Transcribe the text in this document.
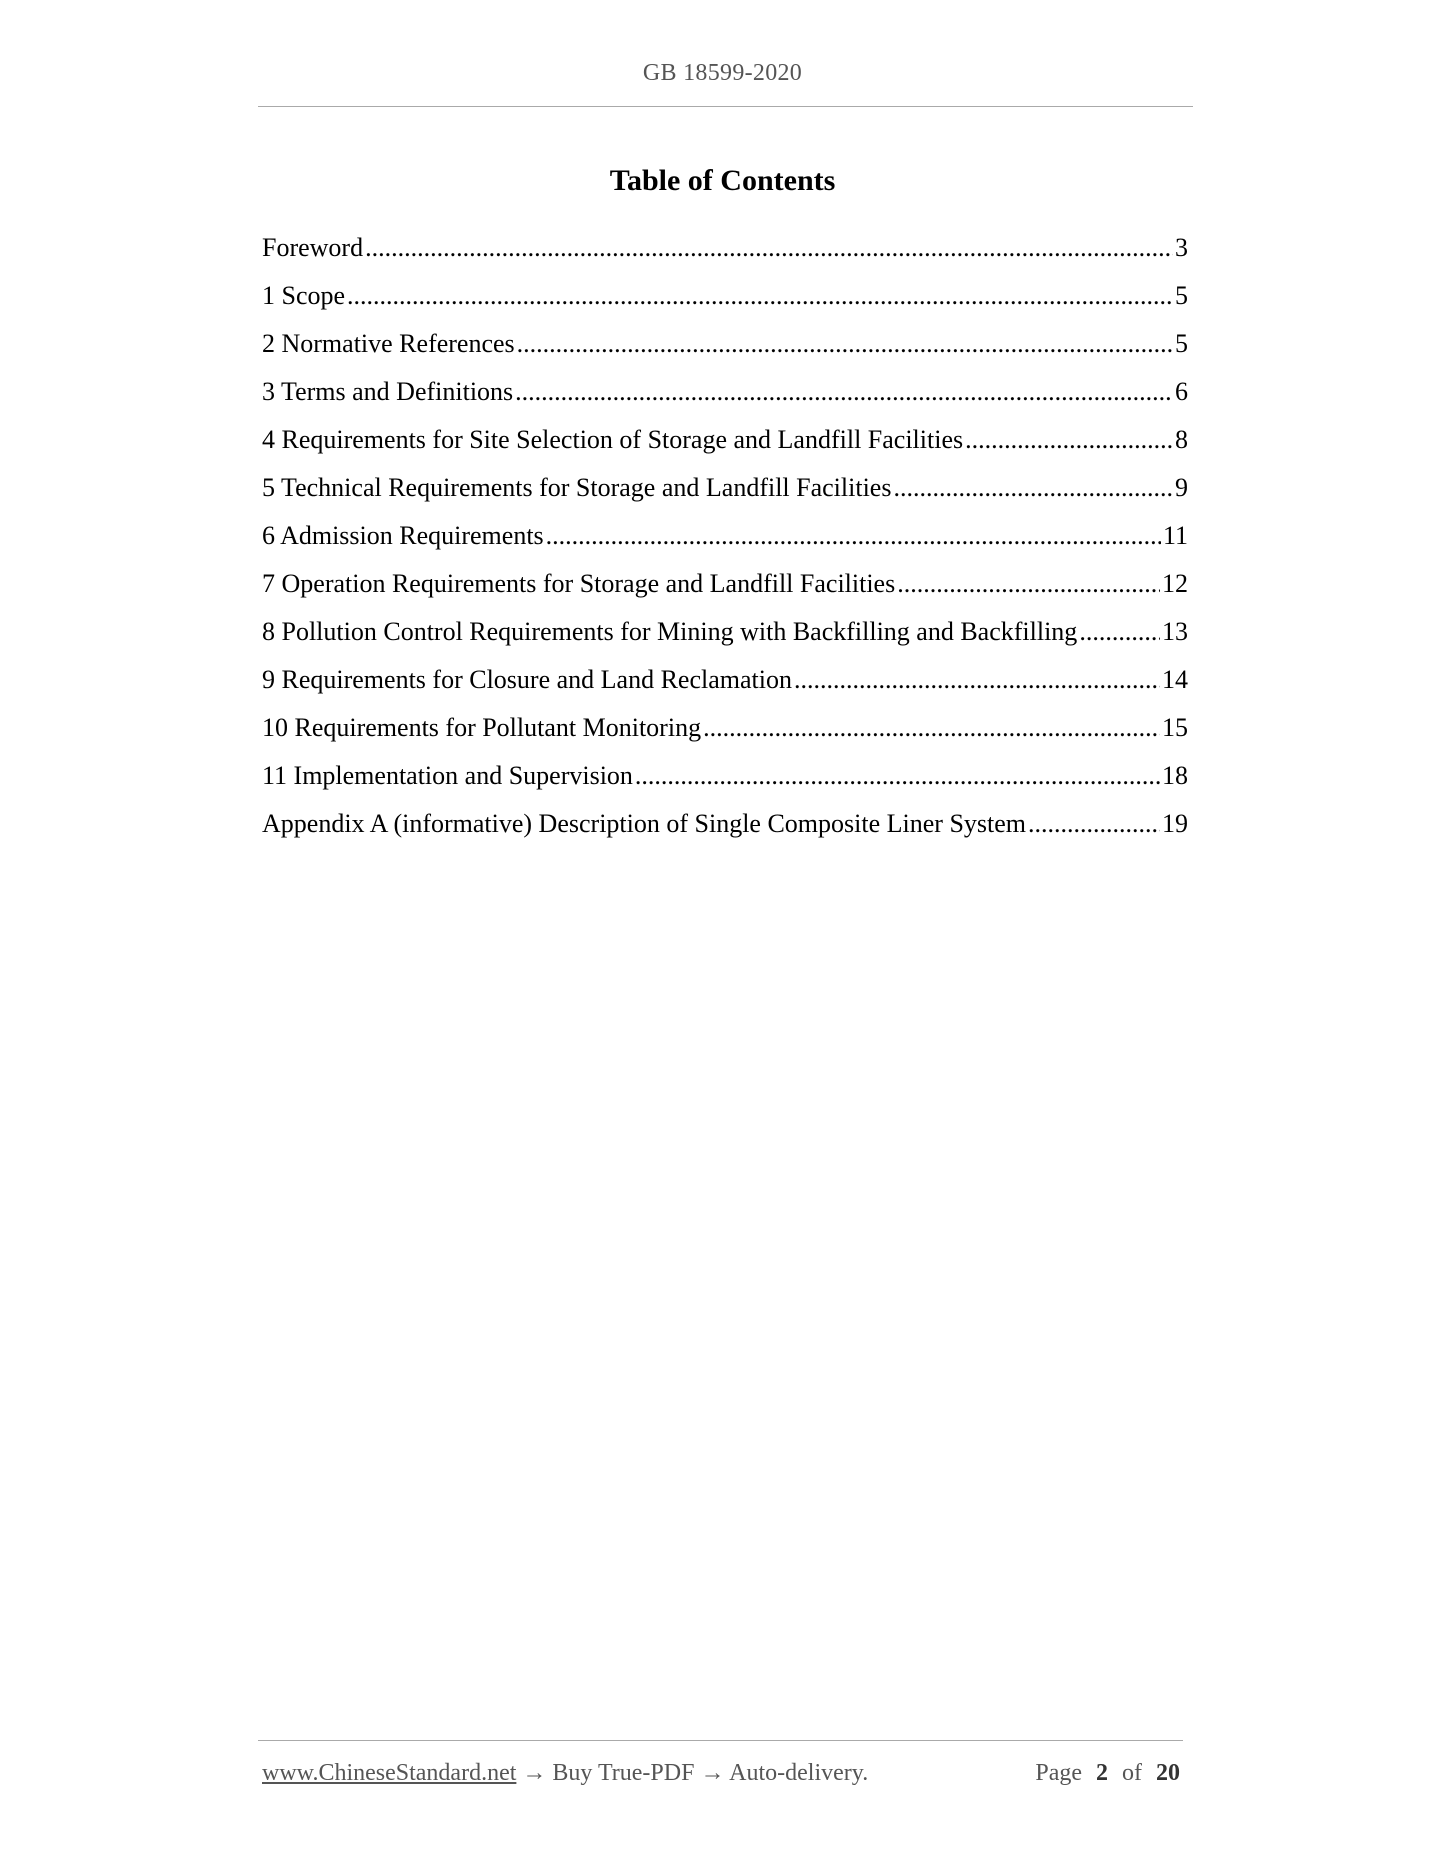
GB 18599-2020
Table of Contents
Foreword .....	3
1 Scope .....	5
2 Normative References .....	5
3 Terms and Definitions .....	6
4 Requirements for Site Selection of Storage and Landfill Facilities .....	8
5 Technical Requirements for Storage and Landfill Facilities .....	9
6 Admission Requirements .....	11
7 Operation Requirements for Storage and Landfill Facilities .....	12
8 Pollution Control Requirements for Mining with Backfilling and Backfilling .....	13
9 Requirements for Closure and Land Reclamation .....	14
10 Requirements for Pollutant Monitoring .....	15
11 Implementation and Supervision .....	18
Appendix A (informative) Description of Single Composite Liner System .....	19
www.ChineseStandard.net → Buy True-PDF → Auto-delivery.	Page 2 of 20
